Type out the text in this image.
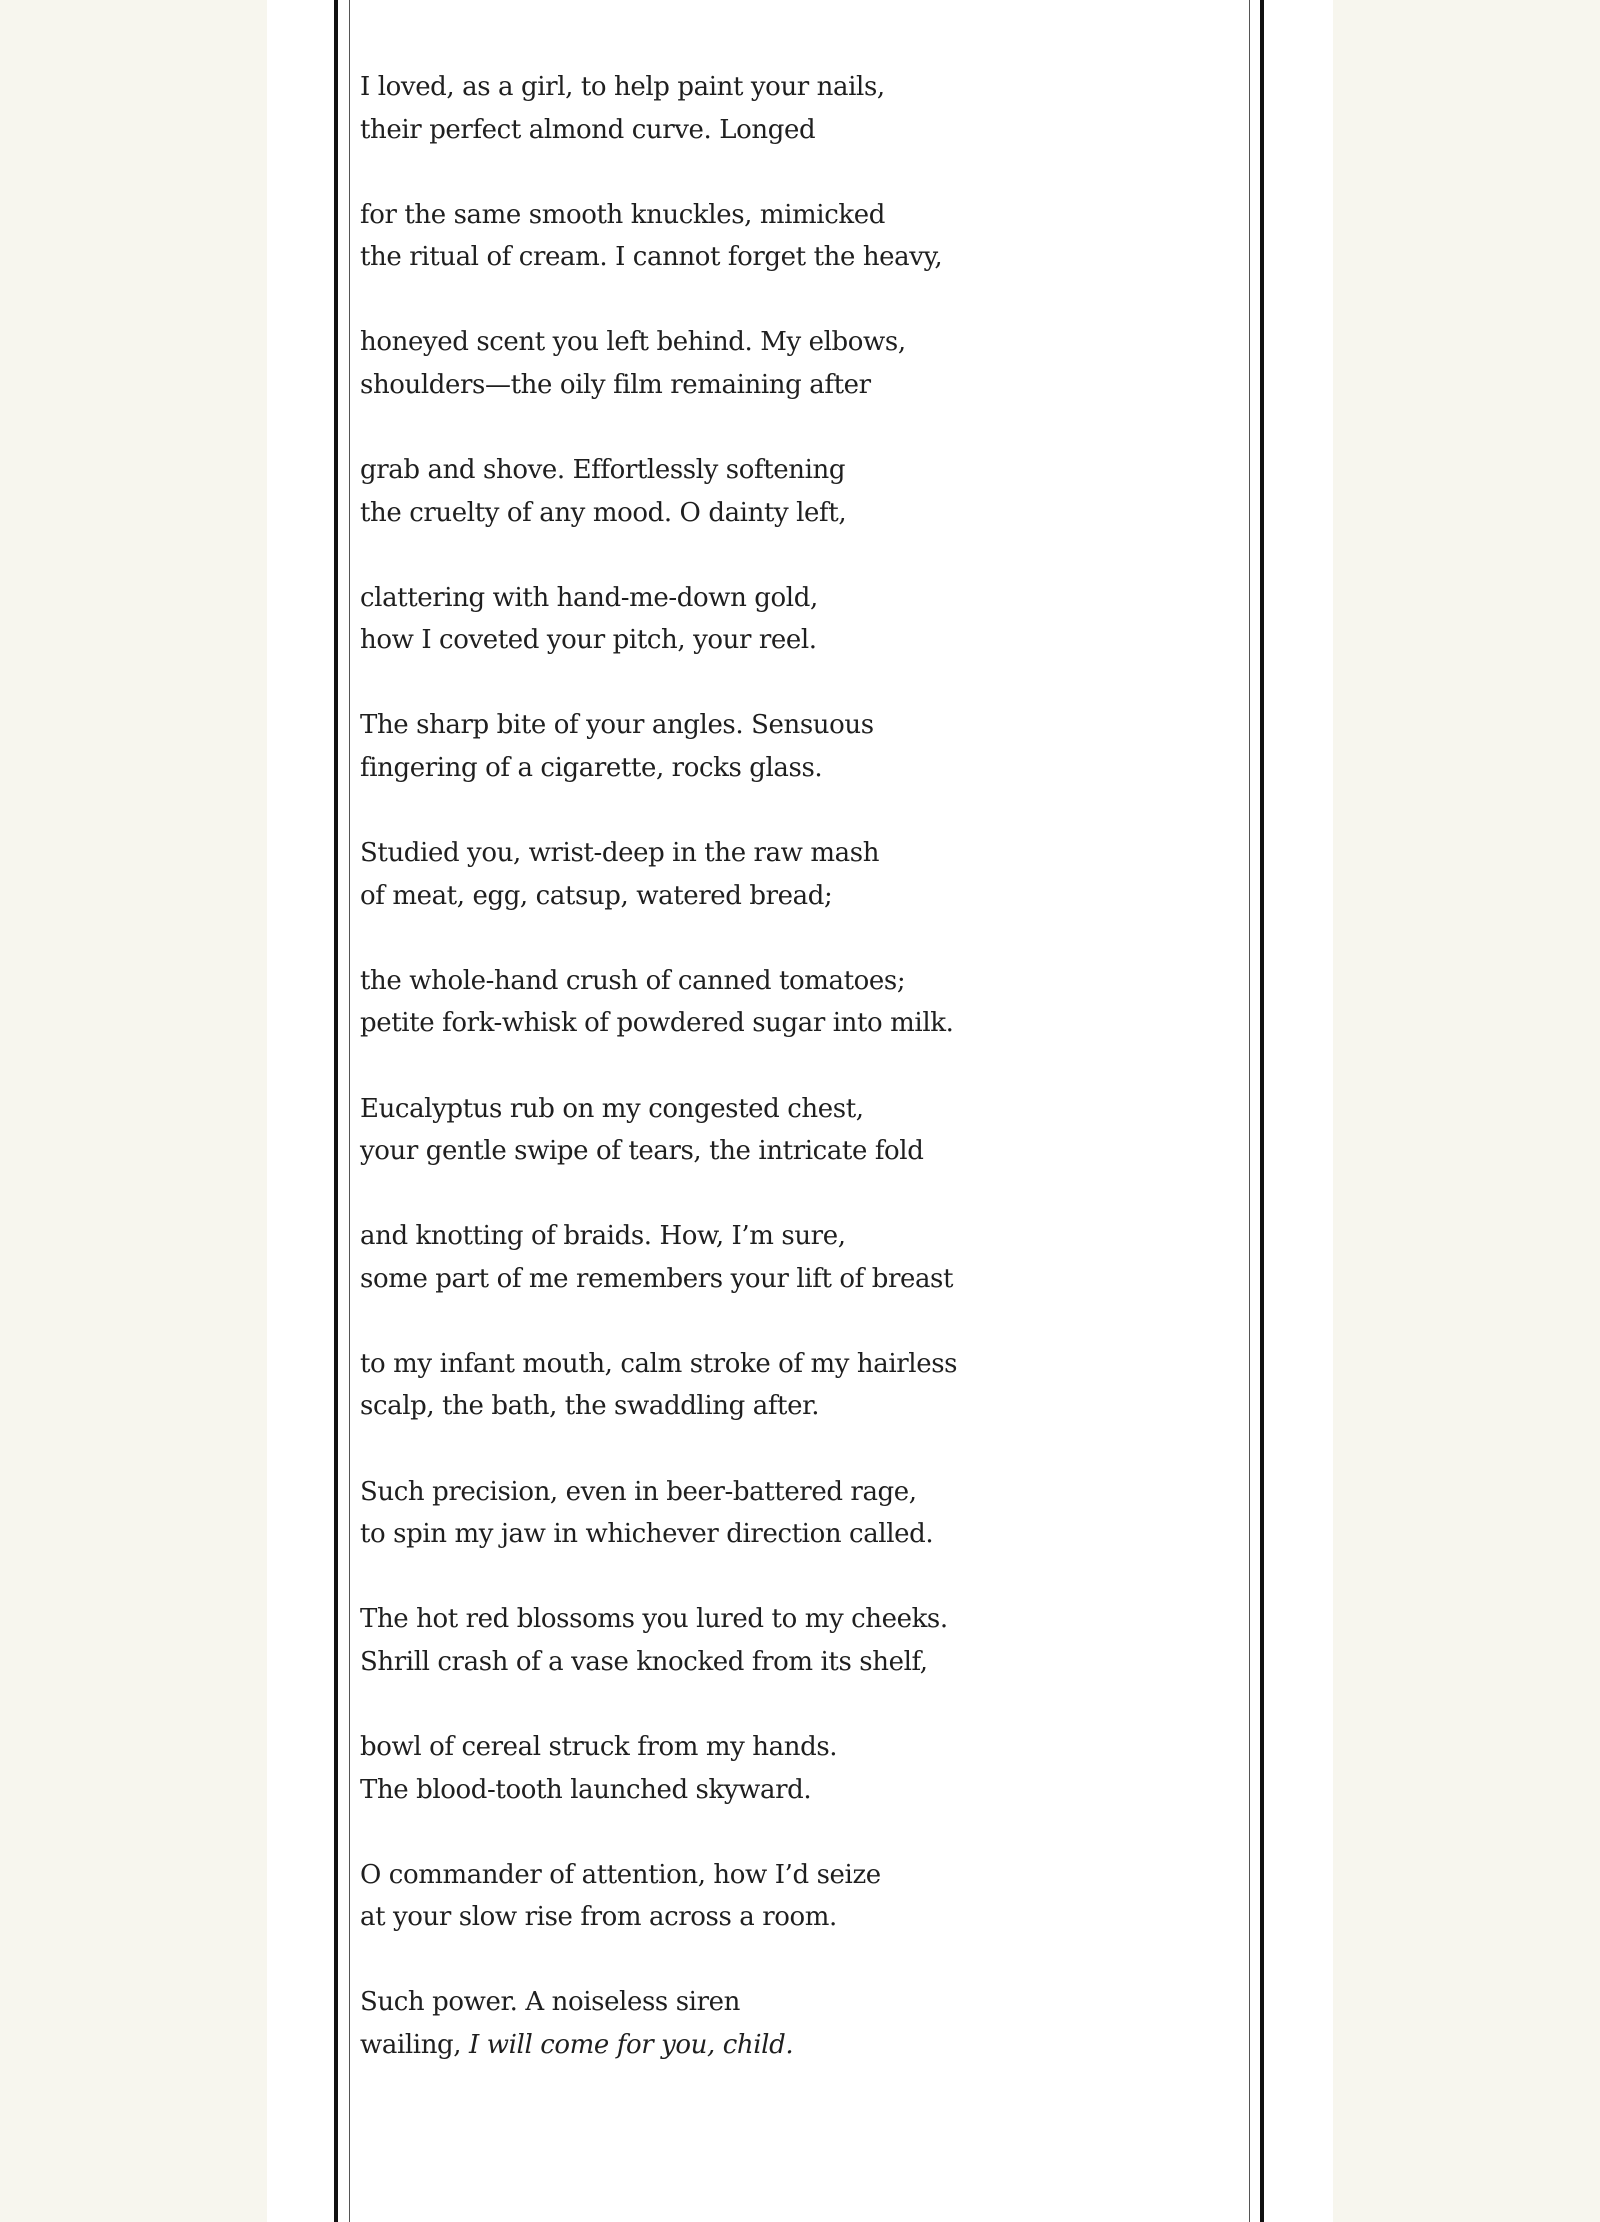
I loved, as a girl, to help paint your nails,
their perfect almond curve. Longed
for the same smooth knuckles, mimicked
the ritual of cream. I cannot forget the heavy,
honeyed scent you left behind. My elbows,
shoulders—the oily film remaining after
grab and shove. Effortlessly softening
the cruelty of any mood. O dainty left,
clattering with hand-me-down gold,
how I coveted your pitch, your reel.
The sharp bite of your angles. Sensuous
fingering of a cigarette, rocks glass.
Studied you, wrist-deep in the raw mash
of meat, egg, catsup, watered bread;
the whole-hand crush of canned tomatoes;
petite fork-whisk of powdered sugar into milk.
Eucalyptus rub on my congested chest,
your gentle swipe of tears, the intricate fold
and knotting of braids. How, I’m sure,
some part of me remembers your lift of breast
to my infant mouth, calm stroke of my hairless
scalp, the bath, the swaddling after.
Such precision, even in beer-battered rage,
to spin my jaw in whichever direction called.
The hot red blossoms you lured to my cheeks.
Shrill crash of a vase knocked from its shelf,
bowl of cereal struck from my hands.
The blood-tooth launched skyward.
O commander of attention, how I’d seize
at your slow rise from across a room.
Such power. A noiseless siren
wailing, I will come for you, child.
